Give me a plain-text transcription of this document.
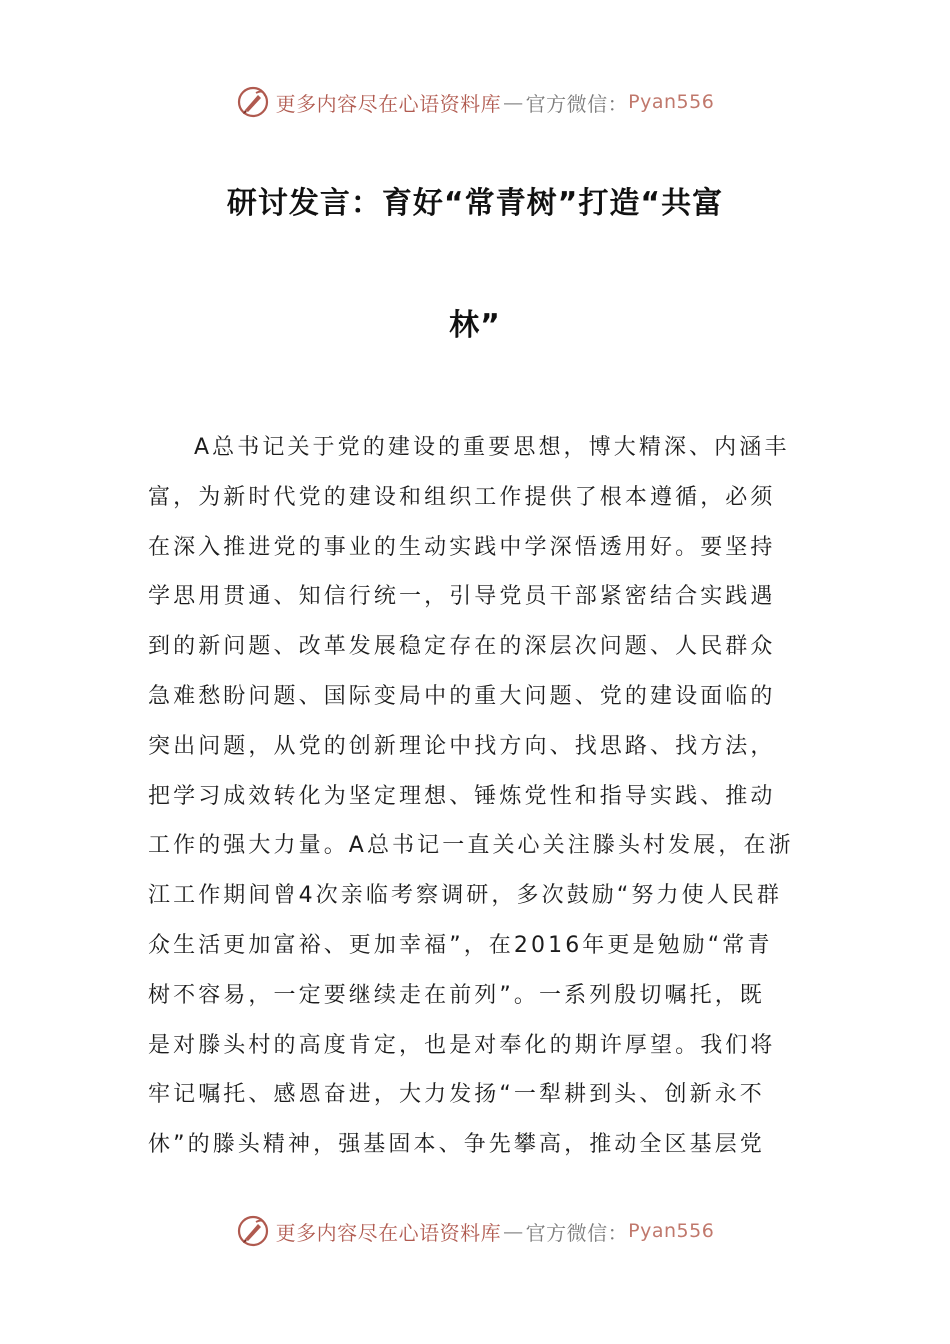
更多内容尽在心语资料库 — 官方微信： Pyan556
研讨发言：育好“常青树”打造“共富
林”
A总书记关于党的建设的重要思想，博大精深、内涵丰
富，为新时代党的建设和组织工作提供了根本遵循，必须
在深入推进党的事业的生动实践中学深悟透用好。要坚持
学思用贯通、知信行统一，引导党员干部紧密结合实践遇
到的新问题、改革发展稳定存在的深层次问题、人民群众
急难愁盼问题、国际变局中的重大问题、党的建设面临的
突出问题，从党的创新理论中找方向、找思路、找方法，
把学习成效转化为坚定理想、锤炼党性和指导实践、推动
工作的强大力量。A总书记一直关心关注滕头村发展，在浙
江工作期间曾4次亲临考察调研，多次鼓励“努力使人民群
众生活更加富裕、更加幸福”，在2016年更是勉励“常青
树不容易，一定要继续走在前列”。一系列殷切嘱托，既
是对滕头村的高度肯定，也是对奉化的期许厚望。我们将
牢记嘱托、感恩奋进，大力发扬“一犁耕到头、创新永不
休”的滕头精神，强基固本、争先攀高，推动全区基层党
更多内容尽在心语资料库 — 官方微信： Pyan556
